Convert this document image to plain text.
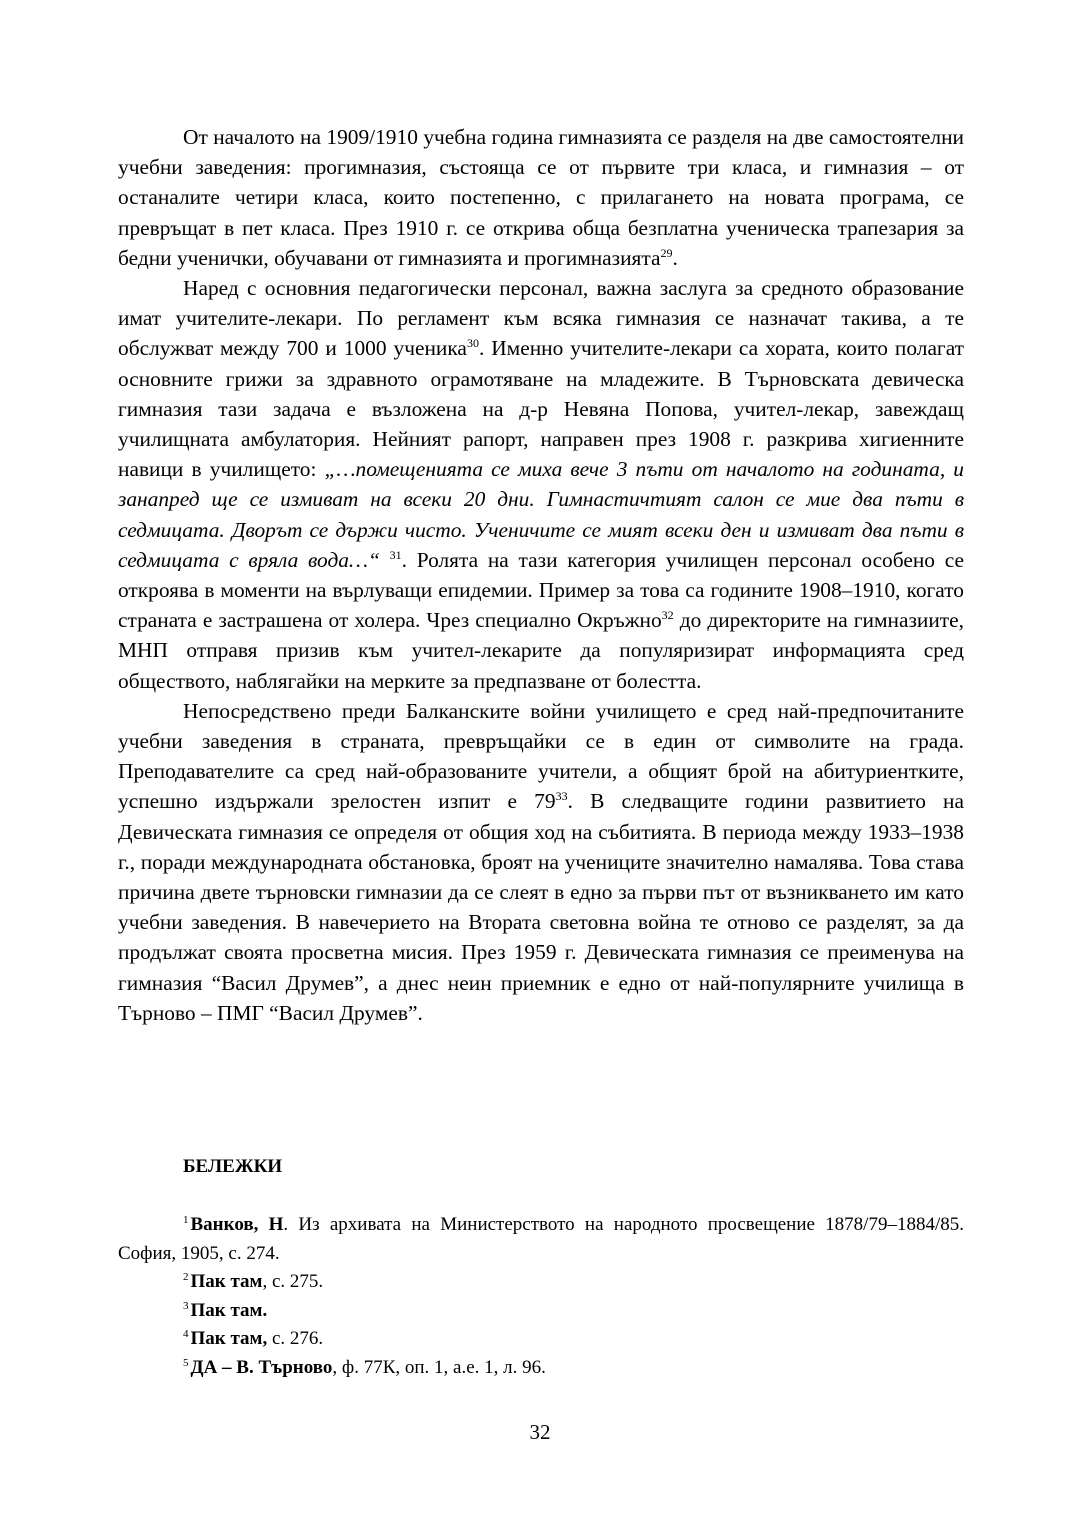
От началото на 1909/1910 учебна година гимназията се разделя на две самостоятелни учебни заведения: прогимназия, състояща се от първите три класа, и гимназия – от останалите четири класа, които постепенно, с прилагането на новата програма, се превръщат в пет класа. През 1910 г. се открива обща безплатна ученическа трапезария за бедни ученички, обучавани от гимназията и прогимназията$^{29}$.

Наред с основния педагогически персонал, важна заслуга за средното образование имат учителите-лекари. По регламент към всяка гимназия се назначат такива, а те обслужват между 700 и 1000 ученика$^{30}$. Именно учителите-лекари са хората, които полагат основните грижи за здравното ограмотяване на младежите. В Търновската девическа гимназия тази задача е възложена на д-р Невяна Попова, учител-лекар, завеждащ училищната амбулатория. Нейният рапорт, направен през 1908 г. разкрива хигиенните навици в училището: „…помещенията се миха вече 3 пъти от началото на годината, и занапред ще се измиват на всеки 20 дни. Гимнастичтият салон се мие два пъти в седмицата. Дворът се държи чисто. Ученичите се мият всеки ден и измиват два пъти в седмицата с вряла вода…“ $^{31}$. Ролята на тази категория училищен персонал особено се откроява в моменти на върлуващи епидемии. Пример за това са годините 1908–1910, когато страната е застрашена от холера. Чрез специално Окръжно$^{32}$ до директорите на гимназиите, МНП отправя призив към учител-лекарите да популяризират информацията сред обществото, наблягайки на мерките за предпазване от болестта.

Непосредствено преди Балканските войни училището е сред най-предпочитаните учебни заведения в страната, превръщайки се в един от символите на града. Преподавателите са сред най-образованите учители, а общият брой на абитуриентките, успешно издържали зрелостен изпит е $79^{33}$. В следващите години развитието на Девическата гимназия се определя от общия ход на събитията. В периода между 1933–1938 г., поради международната обстановка, броят на учениците значително намалява. Това става причина двете търновски гимназии да се слеят в едно за първи път от възникването им като учебни заведения. В навечерието на Втората световна война те отново се разделят, за да продължат своята просветна мисия. През 1959 г. Девическата гимназия се преименува на гимназия “Васил Друмев”, а днес неин приемник е едно от най-популярните училища в Търново – ПМГ “Васил Друмев”.

БЕЛЕЖКИ

$^1$ Ванков, Н. Из архивата на Министерството на народното просвещение 1878/79–1884/85. София, 1905, с. 274.

$^2$ Пак там, с. 275.

$^3$ Пак там.

$^4$ Пак там, с. 276.

$^5$ ДА – В. Търново, ф. 77К, оп. 1, а.е. 1, л. 96.

32
